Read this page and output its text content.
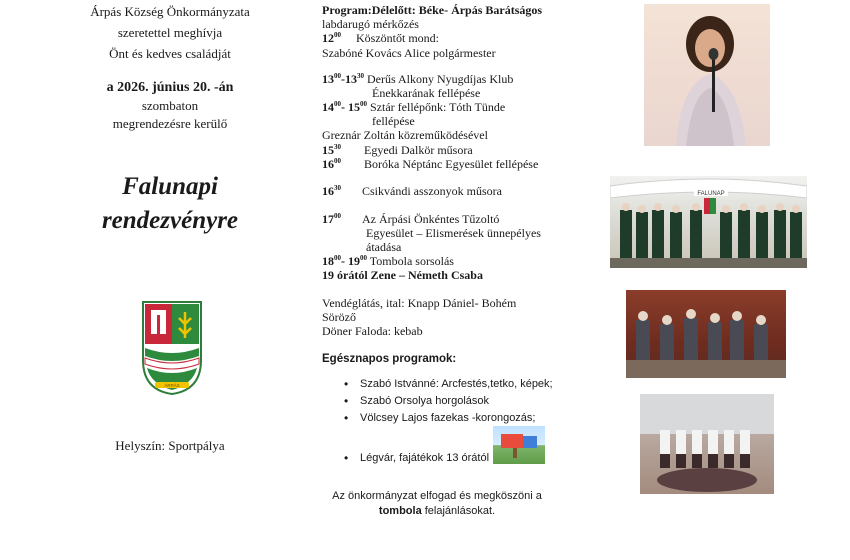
Árpás Község Önkormányzata
szeretettel meghívja
Önt és kedves családját
a 2026. június 20. -án
szombaton
megrendezésre kerülő
Falunapi
rendezvényre
ÁRPÁS
Helyszín: Sportpálya
Program:Délelőtt: Béke- Árpás Barátságos
labdarugó mérkőzés
$12^{00}$ Köszöntőt mond:
Szabóné Kovács Alice polgármester
$13^{00}-13^{30}$ Derűs Alkony Nyugdíjas Klub
Énekkarának fellépése
$14^{00}-$ $15^{00}$ Sztár fellépőnk: Tóth Tünde
fellépése
Greznár Zoltán közreműködésével
$15^{30}$ Egyedi Dalkör műsora
$16^{00}$ Boróka Néptánc Egyesület fellépése
$16^{30}$ Csikvándi asszonyok műsora
$17^{00}$ Az Árpási Önkéntes Tűzoltó
Egyesület – Elismerések ünnepélyes
átadása
$18^{00}-$ $19^{00}$ Tombola sorsolás
19 órától Zene – Németh Csaba
Vendéglátás, ital: Knapp Dániel- Bohém
Söröző
Döner Faloda: kebab
Egésznapos programok:
• Szabó Istvánné: Arcfestés,tetko, képek;
• Szabó Orsolya horgolások
• Völcsey Lajos fazekas -korongozás;
• Légvár, fajátékok 13 órától
Az önkormányzat elfogad és megköszöni a
tombola felajánlásokat.
FALUNAP
